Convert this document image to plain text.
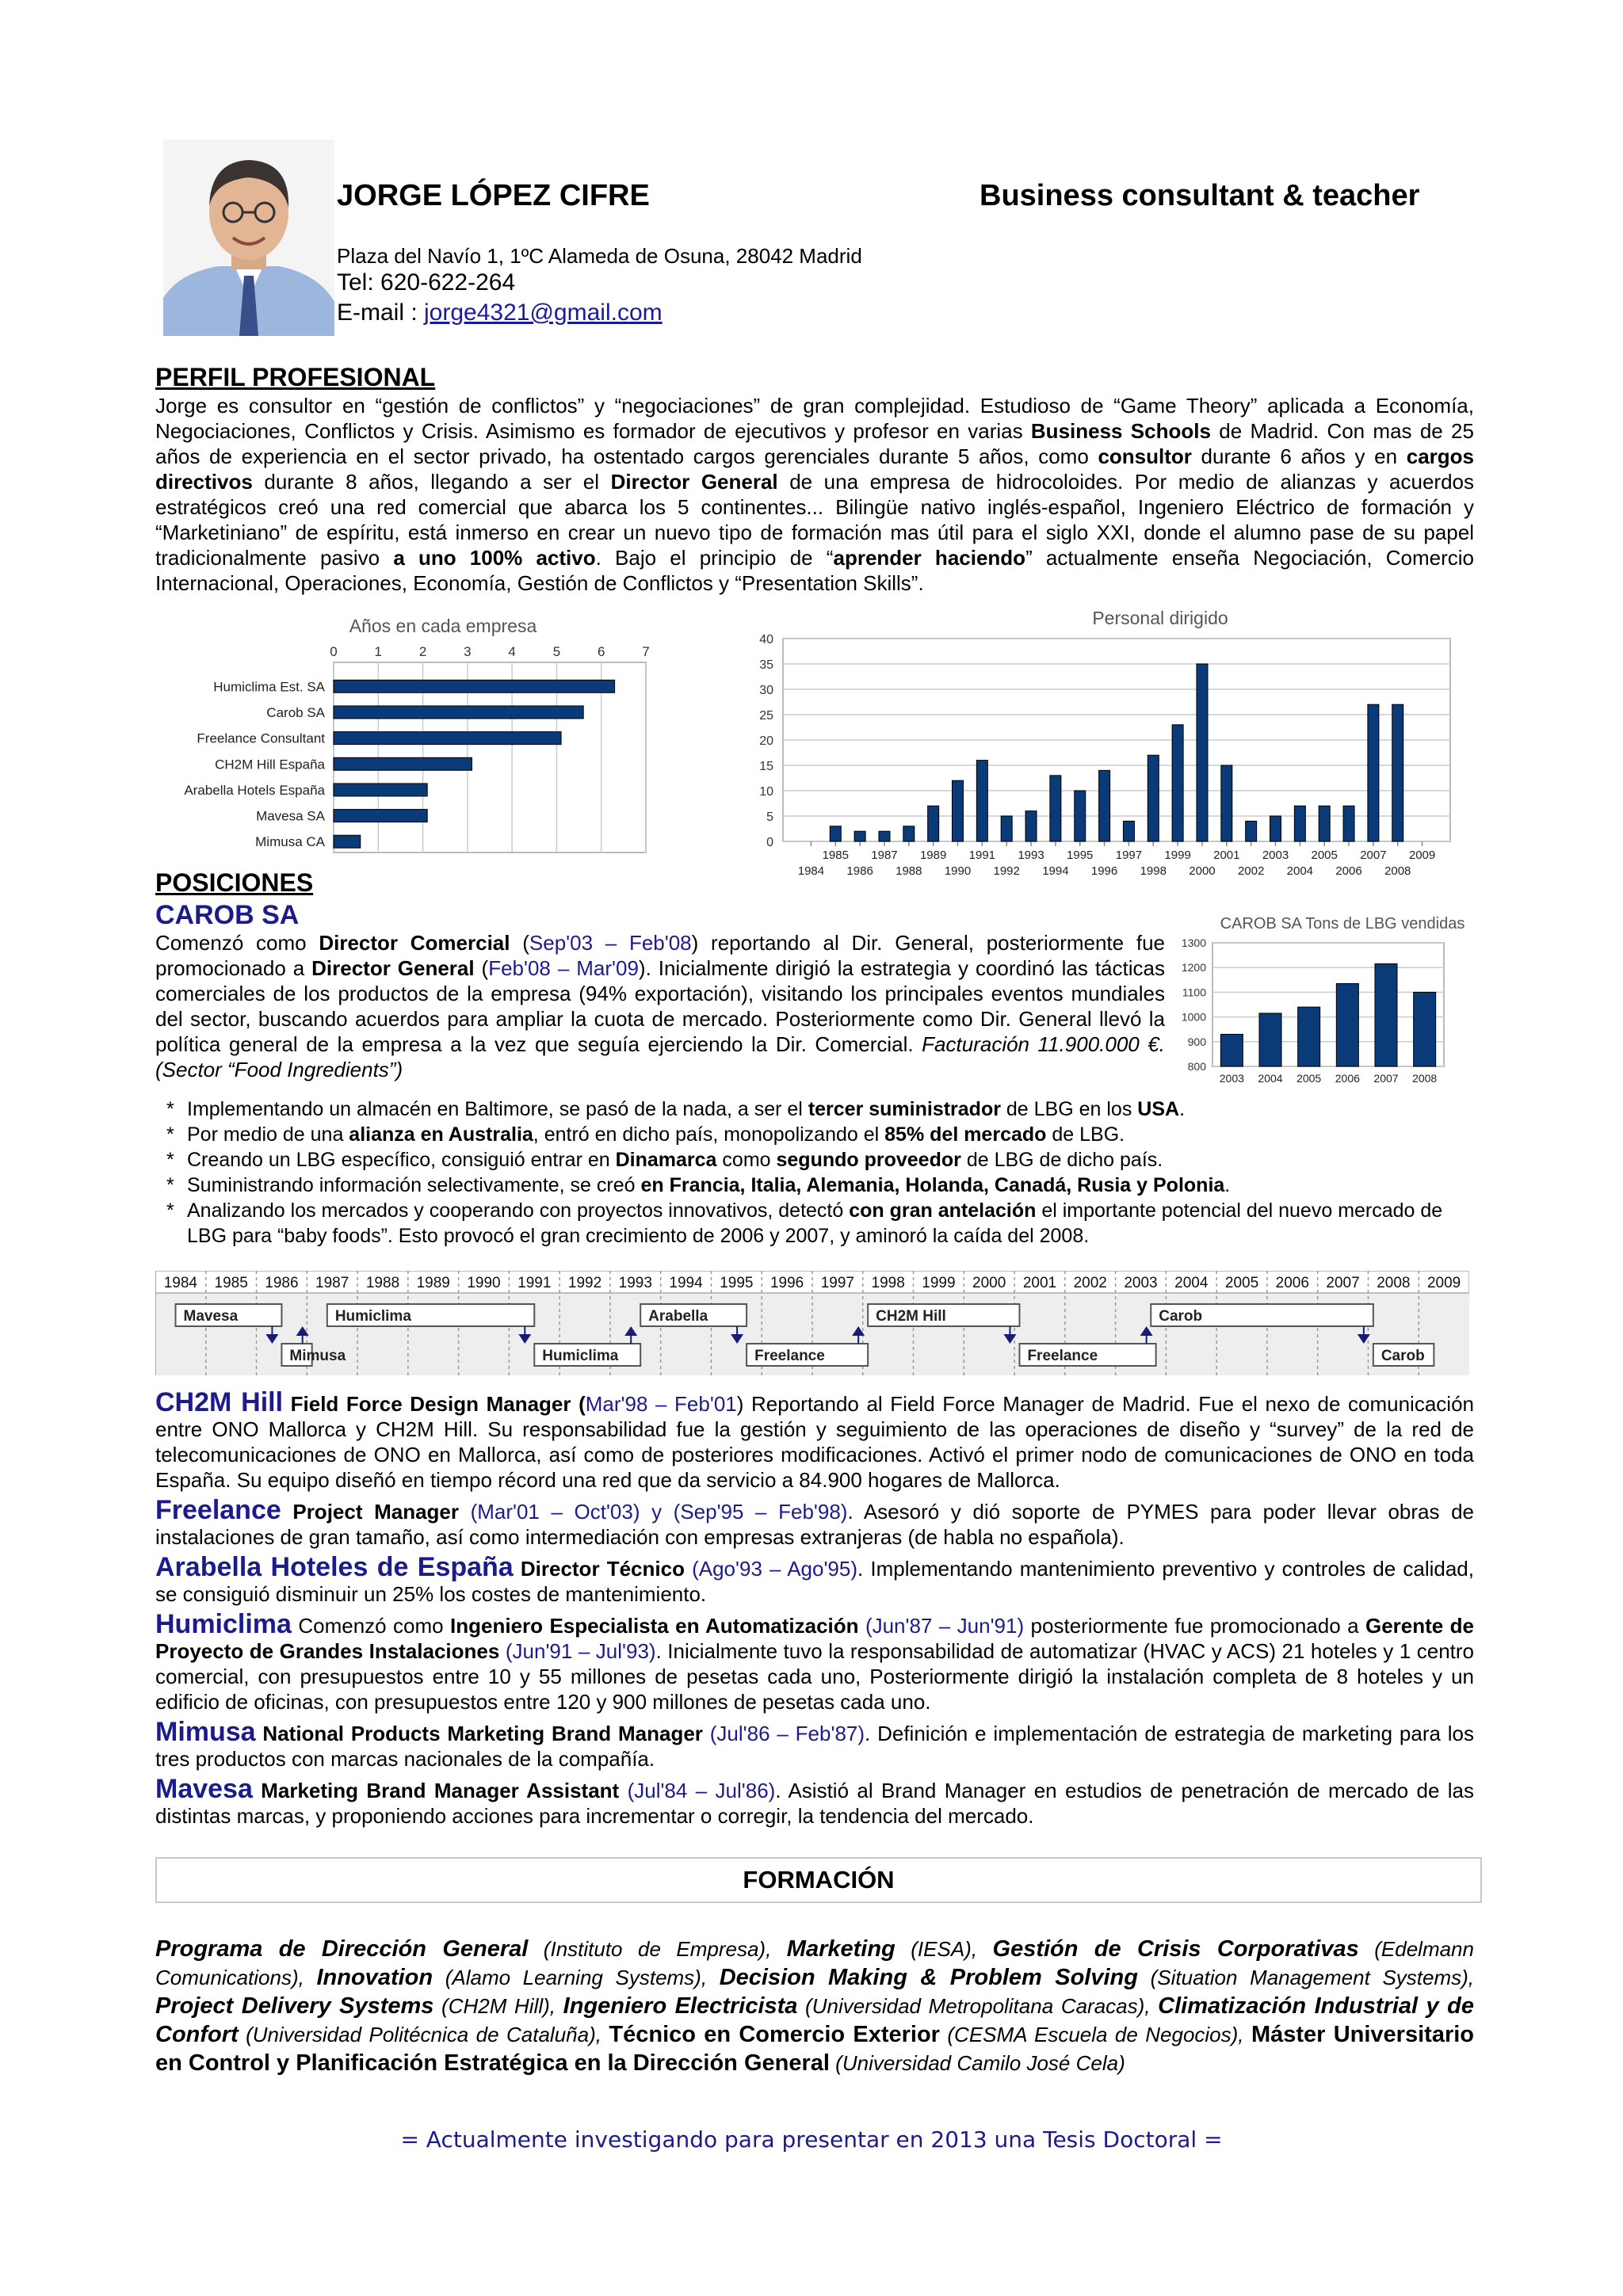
JORGE LÓPEZ CIFRE	Business consultant & teacher
Plaza del Navío 1, 1ºC Alameda de Osuna, 28042 Madrid
Tel: 620-622-264
E-mail : jorge4321@gmail.com
PERFIL PROFESIONAL
Jorge es consultor en “gestión de conflictos” y “negociaciones” de gran complejidad. Estudioso de “Game Theory” aplicada a Economía, Negociaciones, Conflictos y Crisis. Asimismo es formador de ejecutivos y profesor en varias Business Schools de Madrid. Con mas de 25 años de experiencia en el sector privado, ha ostentado cargos gerenciales durante 5 años, como consultor durante 6 años y en cargos directivos durante 8 años, llegando a ser el Director General de una empresa de hidrocoloides. Por medio de alianzas y acuerdos estratégicos creó una red comercial que abarca los 5 continentes... Bilingüe nativo inglés-español, Ingeniero Eléctrico de formación y “Marketiniano” de espíritu, está inmerso en crear un nuevo tipo de formación mas útil para el siglo XXI, donde el alumno pase de su papel tradicionalmente pasivo a uno 100% activo. Bajo el principio de “aprender haciendo” actualmente enseña Negociación, Comercio Internacional, Operaciones, Economía, Gestión de Conflictos y “Presentation Skills”.
Años en cada empresa
0	1	2	3	4	5	6	7
Humiclima Est. SA
Carob SA
Freelance Consultant
CH2M Hill España
Arabella Hotels España
Mavesa SA
Mimusa CA
Personal dirigido
0
5
10
15
20
25
30
35
40
1984
1985
1986
1987
1988
1989
1990
1991
1992
1993
1994
1995
1996
1997
1998
1999
2000
2001
2002
2003
2004
2005
2006
2007
2008
2009
POSICIONES
CAROB SA
Comenzó como Director Comercial (Sep'03 – Feb'08) reportando al Dir. General, posteriormente fue promocionado a Director General (Feb'08 – Mar'09). Inicialmente dirigió la estrategia y coordinó las tácticas comerciales de los productos de la empresa (94% exportación), visitando los principales eventos mundiales del sector, buscando acuerdos para ampliar la cuota de mercado. Posteriormente como Dir. General llevó la política general de la empresa a la vez que seguía ejerciendo la Dir. Comercial. Facturación 11.900.000 €. (Sector “Food Ingredients”)
CAROB SA Tons de LBG vendidas
800
900
1000
1100
1200
1300
2003 2004 2005 2006 2007 2008
* Implementando un almacén en Baltimore, se pasó de la nada, a ser el tercer suministrador de LBG en los USA.
* Por medio de una alianza en Australia, entró en dicho país, monopolizando el 85% del mercado de LBG.
* Creando un LBG específico, consiguió entrar en Dinamarca como segundo proveedor de LBG de dicho país.
* Suministrando información selectivamente, se creó en Francia, Italia, Alemania, Holanda, Canadá, Rusia y Polonia.
* Analizando los mercados y cooperando con proyectos innovativos, detectó con gran antelación el importante potencial del nuevo mercado de LBG para “baby foods”. Esto provocó el gran crecimiento de 2006 y 2007, y aminoró la caída del 2008.
1984 1985 1986 1987 1988 1989 1990 1991 1992 1993 1994 1995 1996 1997 1998 1999 2000 2001 2002 2003 2004 2005 2006 2007 2008 2009
Mavesa
Mimusa
Humiclima
Humiclima
Arabella
Freelance
CH2M Hill
Freelance
Carob
Carob
CH2M Hill Field Force Design Manager (Mar'98 – Feb'01) Reportando al Field Force Manager de Madrid. Fue el nexo de comunicación entre ONO Mallorca y CH2M Hill. Su responsabilidad fue la gestión y seguimiento de las operaciones de diseño y “survey” de la red de telecomunicaciones de ONO en Mallorca, así como de posteriores modificaciones. Activó el primer nodo de comunicaciones de ONO en toda España. Su equipo diseñó en tiempo récord una red que da servicio a 84.900 hogares de Mallorca.
Freelance Project Manager (Mar'01 – Oct'03) y (Sep'95 – Feb'98). Asesoró y dió soporte de PYMES para poder llevar obras de instalaciones de gran tamaño, así como intermediación con empresas extranjeras (de habla no española).
Arabella Hoteles de España Director Técnico (Ago'93 – Ago'95). Implementando mantenimiento preventivo y controles de calidad, se consiguió disminuir un 25% los costes de mantenimiento.
Humiclima Comenzó como Ingeniero Especialista en Automatización (Jun'87 – Jun'91) posteriormente fue promocionado a Gerente de Proyecto de Grandes Instalaciones (Jun'91 – Jul'93). Inicialmente tuvo la responsabilidad de automatizar (HVAC y ACS) 21 hoteles y 1 centro comercial, con presupuestos entre 10 y 55 millones de pesetas cada uno, Posteriormente dirigió la instalación completa de 8 hoteles y un edificio de oficinas, con presupuestos entre 120 y 900 millones de pesetas cada uno.
Mimusa National Products Marketing Brand Manager (Jul'86 – Feb'87). Definición e implementación de estrategia de marketing para los tres productos con marcas nacionales de la compañía.
Mavesa Marketing Brand Manager Assistant (Jul'84 – Jul'86). Asistió al Brand Manager en estudios de penetración de mercado de las distintas marcas, y proponiendo acciones para incrementar o corregir, la tendencia del mercado.
FORMACIÓN
Programa de Dirección General (Instituto de Empresa), Marketing (IESA), Gestión de Crisis Corporativas (Edelmann Comunications), Innovation (Alamo Learning Systems), Decision Making & Problem Solving (Situation Management Systems), Project Delivery Systems (CH2M Hill), Ingeniero Electricista (Universidad Metropolitana Caracas), Climatización Industrial y de Confort (Universidad Politécnica de Cataluña), Técnico en Comercio Exterior (CESMA Escuela de Negocios), Máster Universitario en Control y Planificación Estratégica en la Dirección General (Universidad Camilo José Cela)
= Actualmente investigando para presentar en 2013 una Tesis Doctoral =
